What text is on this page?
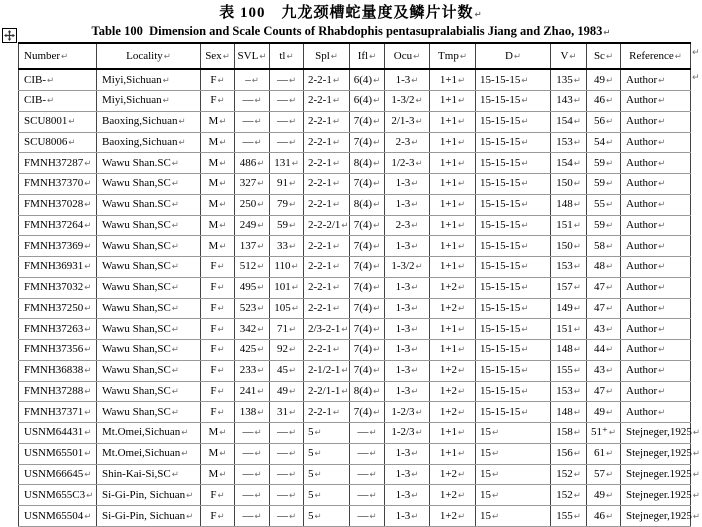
表 100　九龙颈槽蛇量度及鳞片计数↵
Table 100  Dimension and Scale Counts of Rhabdophis pentasupralabialis Jiang and Zhao, 1983↵
Number↵	Locality↵	Sex↵	SVL↵	tl↵	Spl↵	Ifl↵	Ocu↵	Tmp↵	D↵	V↵	Sc↵	Reference↵
CIB-↵	Miyi,Sichuan↵	F↵	–↵	—↵	2-2-1↵	6(4)↵	1-3↵	1+1↵	15-15-15↵	135↵	49↵	Author↵
CIB-↵	Miyi,Sichuan↵	F↵	—↵	—↵	2-2-1↵	6(4)↵	1-3/2↵	1+1↵	15-15-15↵	143↵	46↵	Author↵
SCU8001↵	Baoxing,Sichuan↵	M↵	—↵	—↵	2-2-1↵	7(4)↵	2/1-3↵	1+1↵	15-15-15↵	154↵	56↵	Author↵
SCU8006↵	Baoxing,Sichuan↵	M↵	—↵	—↵	2-2-1↵	7(4)↵	2-3↵	1+1↵	15-15-15↵	153↵	54↵	Author↵
FMNH37287↵	Wawu Shan.SC↵	M↵	486↵	131↵	2-2-1↵	8(4)↵	1/2-3↵	1+1↵	15-15-15↵	154↵	59↵	Author↵
FMNH37370↵	Wawu Shan,SC↵	M↵	327↵	91↵	2-2-1↵	7(4)↵	1-3↵	1+1↵	15-15-15↵	150↵	59↵	Author↵
FMNH37028↵	Wawu Shan.SC↵	M↵	250↵	79↵	2-2-1↵	8(4)↵	1-3↵	1+1↵	15-15-15↵	148↵	55↵	Author↵
FMNH37264↵	Wawu Shan,SC↵	M↵	249↵	59↵	2-2-2/1↵	7(4)↵	2-3↵	1+1↵	15-15-15↵	151↵	59↵	Author↵
FMNH37369↵	Wawu Shan,SC↵	M↵	137↵	33↵	2-2-1↵	7(4)↵	1-3↵	1+1↵	15-15-15↵	150↵	58↵	Author↵
FMNH36931↵	Wawu Shan,SC↵	F↵	512↵	110↵	2-2-1↵	7(4)↵	1-3/2↵	1+1↵	15-15-15↵	153↵	48↵	Author↵
FMNH37032↵	Wawu Shan,SC↵	F↵	495↵	101↵	2-2-1↵	7(4)↵	1-3↵	1+2↵	15-15-15↵	157↵	47↵	Author↵
FMNH37250↵	Wawu Shan,SC↵	F↵	523↵	105↵	2-2-1↵	7(4)↵	1-3↵	1+2↵	15-15-15↵	149↵	47↵	Author↵
FMNH37263↵	Wawu Shan,SC↵	F↵	342↵	71↵	2/3-2-1↵	7(4)↵	1-3↵	1+1↵	15-15-15↵	151↵	43↵	Author↵
FMNH37356↵	Wawu Shan,SC↵	F↵	425↵	92↵	2-2-1↵	7(4)↵	1-3↵	1+1↵	15-15-15↵	148↵	44↵	Author↵
FMNH36838↵	Wawu Shan,SC↵	F↵	233↵	45↵	2-1/2-1↵	7(4)↵	1-3↵	1+2↵	15-15-15↵	155↵	43↵	Author↵
FMNH37288↵	Wawu Shan,SC↵	F↵	241↵	49↵	2-2/1-1↵	8(4)↵	1-3↵	1+2↵	15-15-15↵	153↵	47↵	Author↵
FMNH37371↵	Wawu Shan,SC↵	F↵	138↵	31↵	2-2-1↵	7(4)↵	1-2/3↵	1+2↵	15-15-15↵	148↵	49↵	Author↵
USNM64431↵	Mt.Omei,Sichuan↵	M↵	—↵	—↵	5↵	—↵	1-2/3↵	1+1↵	15↵	158↵	51⁺↵	Stejneger,1925↵
USNM65501↵	Mt.Omei,Sichuan↵	M↵	—↵	—↵	5↵	—↵	1-3↵	1+1↵	15↵	156↵	61↵	Stejneger,1925↵
USNM66645↵	Shin-Kai-Si,SC↵	M↵	—↵	—↵	5↵	—↵	1-3↵	1+2↵	15↵	152↵	57↵	Stejneger.1925↵
USNM655C3↵	Si-Gi-Pin, Sichuan↵	F↵	—↵	—↵	5↵	—↵	1-3↵	1+2↵	15↵	152↵	49↵	Stejneger.1925↵
USNM65504↵	Si-Gi-Pin, Sichuan↵	F↵	—↵	—↵	5↵	—↵	1-3↵	1+2↵	15↵	155↵	46↵	Stejneger,1925↵
↵
↵
